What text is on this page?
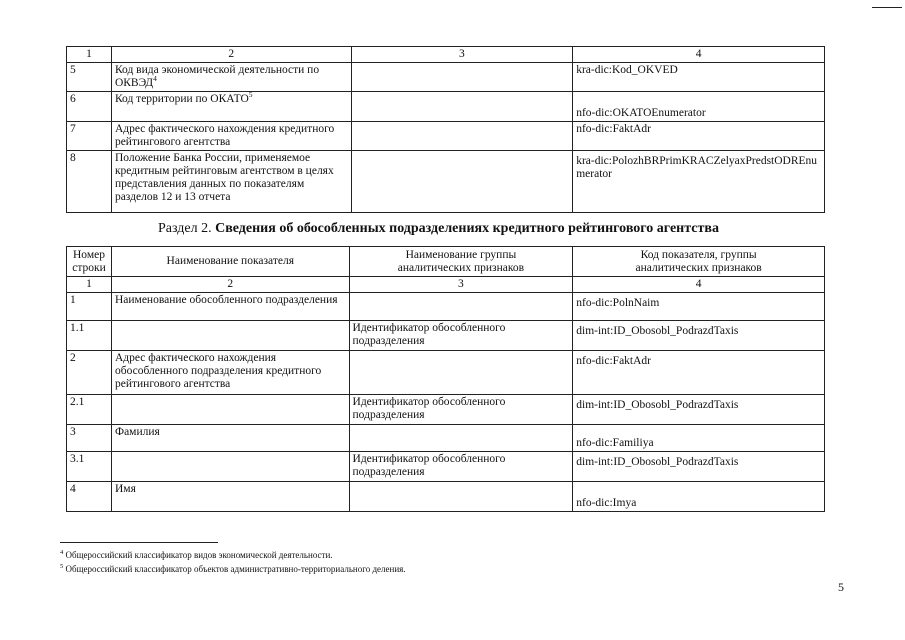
1	2	3	4
5	Код вида экономической деятельности по ОКВЭД$^4$		kra-dic:Kod_OKVED
6	Код территории по ОКАТО$^5$		nfo-dic:OKATOEnumerator
7	Адрес фактического нахождения кредитного рейтингового агентства		nfo-dic:FaktAdr
8	Положение Банка России, применяемое кредитным рейтинговым агентством в целях представления данных по показателям разделов 12 и 13 отчета		kra-dic:PolozhBRPrimKRACZelyaxPredstODREnumerator
Раздел 2. Сведения об обособленных подразделениях кредитного рейтингового агентства
Номер строки	Наименование показателя	Наименование группы аналитических признаков	Код показателя, группы аналитических признаков
1	2	3	4
1	Наименование обособленного подразделения		nfo-dic:PolnNaim
1.1		Идентификатор обособленного подразделения	dim-int:ID_Obosobl_PodrazdTaxis
2	Адрес фактического нахождения обособленного подразделения кредитного рейтингового агентства		nfo-dic:FaktAdr
2.1		Идентификатор обособленного подразделения	dim-int:ID_Obosobl_PodrazdTaxis
3	Фамилия		nfo-dic:Familiya
3.1		Идентификатор обособленного подразделения	dim-int:ID_Obosobl_PodrazdTaxis
4	Имя		nfo-dic:Imya
$^4$ Общероссийский классификатор видов экономической деятельности.
$^5$ Общероссийский классификатор объектов административно-территориального деления.
5
